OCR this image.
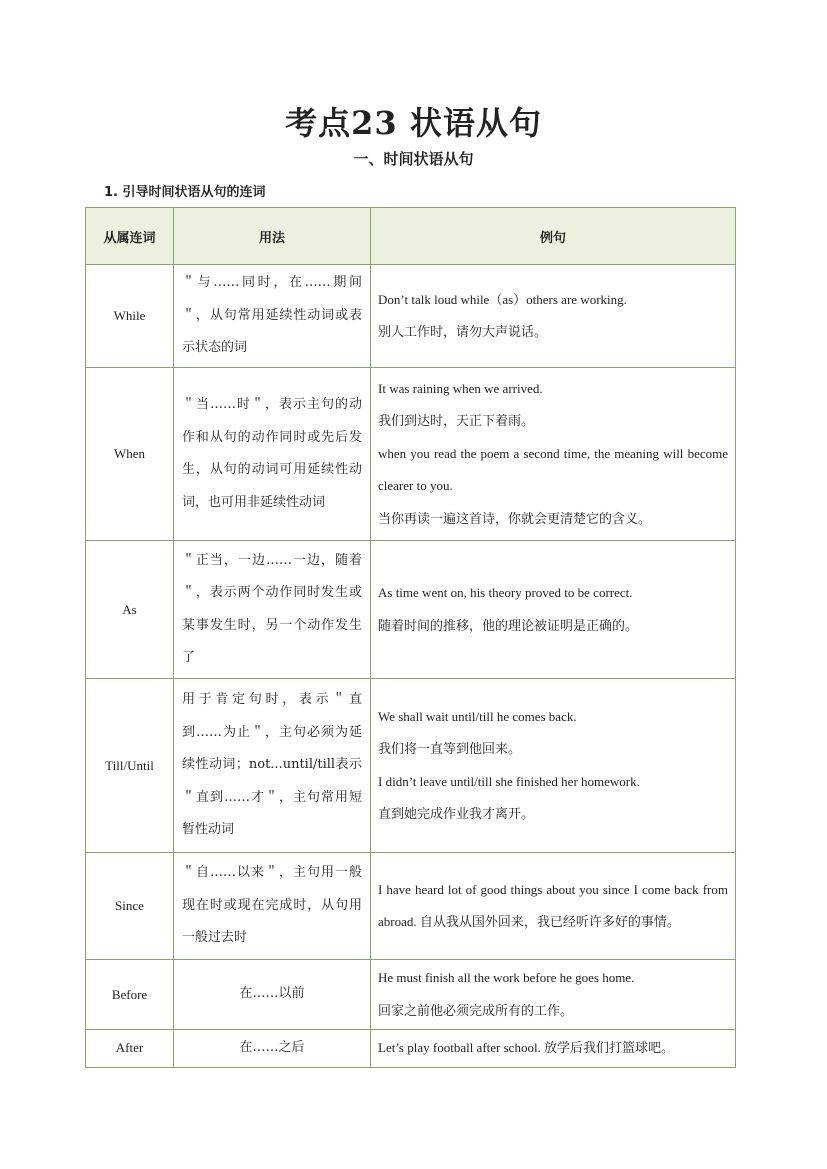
考点23 状语从句
一、时间状语从句
1. 引导时间状语从句的连词
从属连词	用法	例句
While	＂与……同时，在……期间＂，从句常用延续性动词或表示状态的词	Don’t talk loud while（as）others are working.
别人工作时，请勿大声说话。

When	＂当……时＂，表示主句的动作和从句的动作同时或先后发生，从句的动词可用延续性动词，也可用非延续性动词	It was raining when we arrived.
我们到达时，天正下着雨。
when you read the poem a second time, the meaning will become clearer to you.
当你再读一遍这首诗，你就会更清楚它的含义。

As	＂正当，一边……一边，随着＂，表示两个动作同时发生或某事发生时，另一个动作发生了	As time went on, his theory proved to be correct.
随着时间的推移，他的理论被证明是正确的。

Till/Until	用于肯定句时，表示＂直到……为止＂，主句必须为延续性动词；not...until/till表示＂直到……才＂，主句常用短暂性动词	We shall wait until/till he comes back.
我们将一直等到他回来。
I didn’t leave until/till she finished her homework.
直到她完成作业我才离开。

Since	＂自……以来＂，主句用一般现在时或现在完成时，从句用一般过去时	I have heard lot of good things about you since I come back from abroad. 自从我从国外回来，我已经听许多好的事情。

Before	在……以前	He must finish all the work before he goes home.
回家之前他必须完成所有的工作。

After	在……之后	Let’s play football after school. 放学后我们打篮球吧。
